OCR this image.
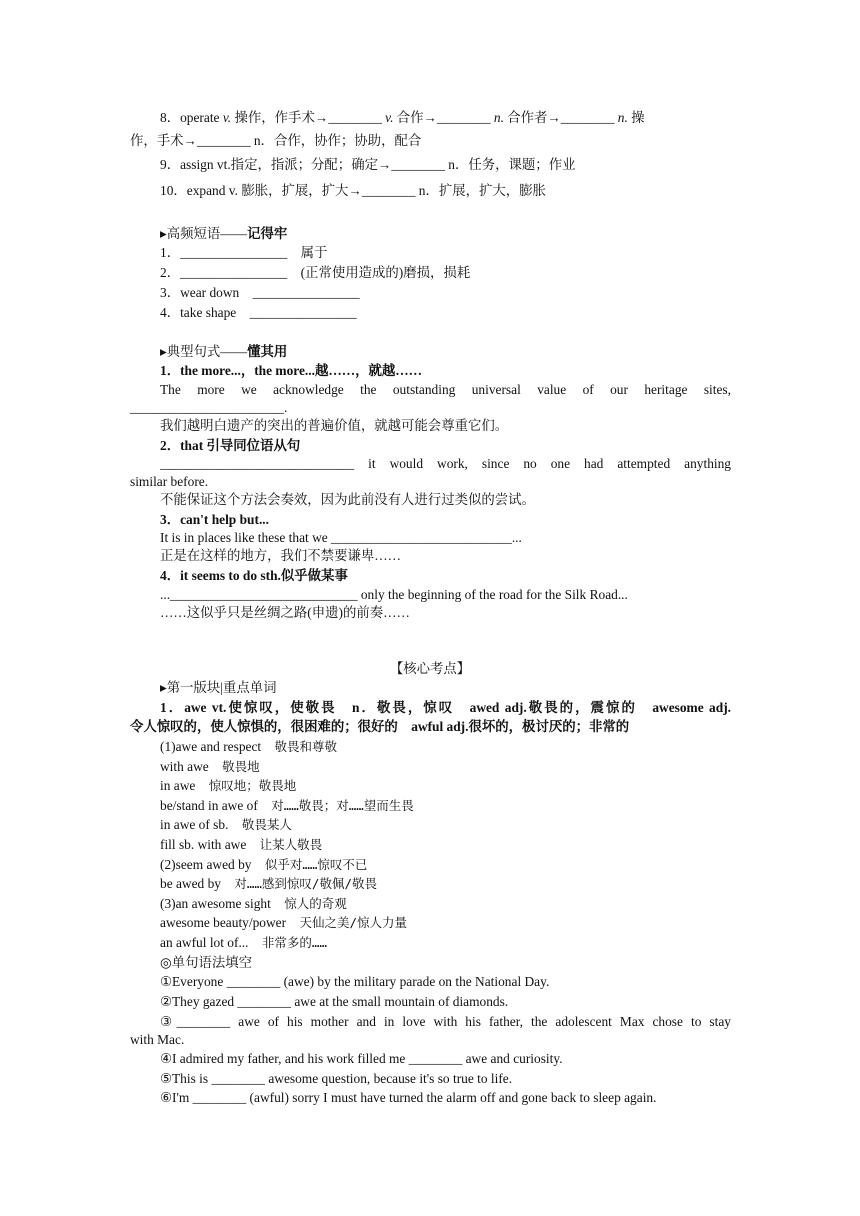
8．operate v. 操作，作手术→________ v. 合作→________ n. 合作者→________ n. 操
作，手术→________ n．合作，协作；协助，配合
9．assign vt.指定，指派；分配；确定→________ n．任务，课题；作业
10．expand v. 膨胀，扩展，扩大→________ n．扩展，扩大，膨胀
▸高频短语——记得牢
1．________________    属于
2．________________    (正常使用造成的)磨损，损耗
3．wear down    ________________
4．take shape    ________________
▸典型句式——懂其用
1．the more...，the more...越……，就越……
The more we acknowledge the outstanding universal value of our heritage sites,
_______________________.
我们越明白遗产的突出的普遍价值，就越可能会尊重它们。
2．that 引导同位语从句
_____________________________ it would work, since no one had attempted anything
similar before.
不能保证这个方法会奏效，因为此前没有人进行过类似的尝试。
3．can't help but...
It is in places like these that we ___________________________...
正是在这样的地方，我们不禁要谦卑……
4．it seems to do sth.似乎做某事
...____________________________ only the beginning of the road for the Silk Road...
……这似乎只是丝绸之路(申遗)的前奏……
【核心考点】
▸第一版块|重点单词
1．awe vt.使惊叹，使敬畏　n．敬畏，惊叹　awed adj.敬畏的，震惊的　awesome adj.
令人惊叹的，使人惊惧的，很困难的；很好的　awful adj.很坏的，极讨厌的；非常的
(1)awe and respect　 敬畏和尊敬
with awe　 敬畏地
in awe　 惊叹地；敬畏地
be/stand in awe of　 对……敬畏；对……望而生畏
in awe of sb.　 敬畏某人
fill sb. with awe　 让某人敬畏
(2)seem awed by　 似乎对……惊叹不已
be awed by　 对……感到惊叹/敬佩/敬畏
(3)an awesome sight　 惊人的奇观
awesome beauty/power　 天仙之美/惊人力量
an awful lot of...　 非常多的……
◎单句语法填空
①Everyone ________ (awe) by the military parade on the National Day.
②They gazed ________ awe at the small mountain of diamonds.
③________ awe of his mother and in love with his father, the adolescent Max chose to stay
with Mac.
④I admired my father, and his work filled me ________ awe and curiosity.
⑤This is ________ awesome question, because it's so true to life.
⑥I'm ________ (awful) sorry I must have turned the alarm off and gone back to sleep again.
